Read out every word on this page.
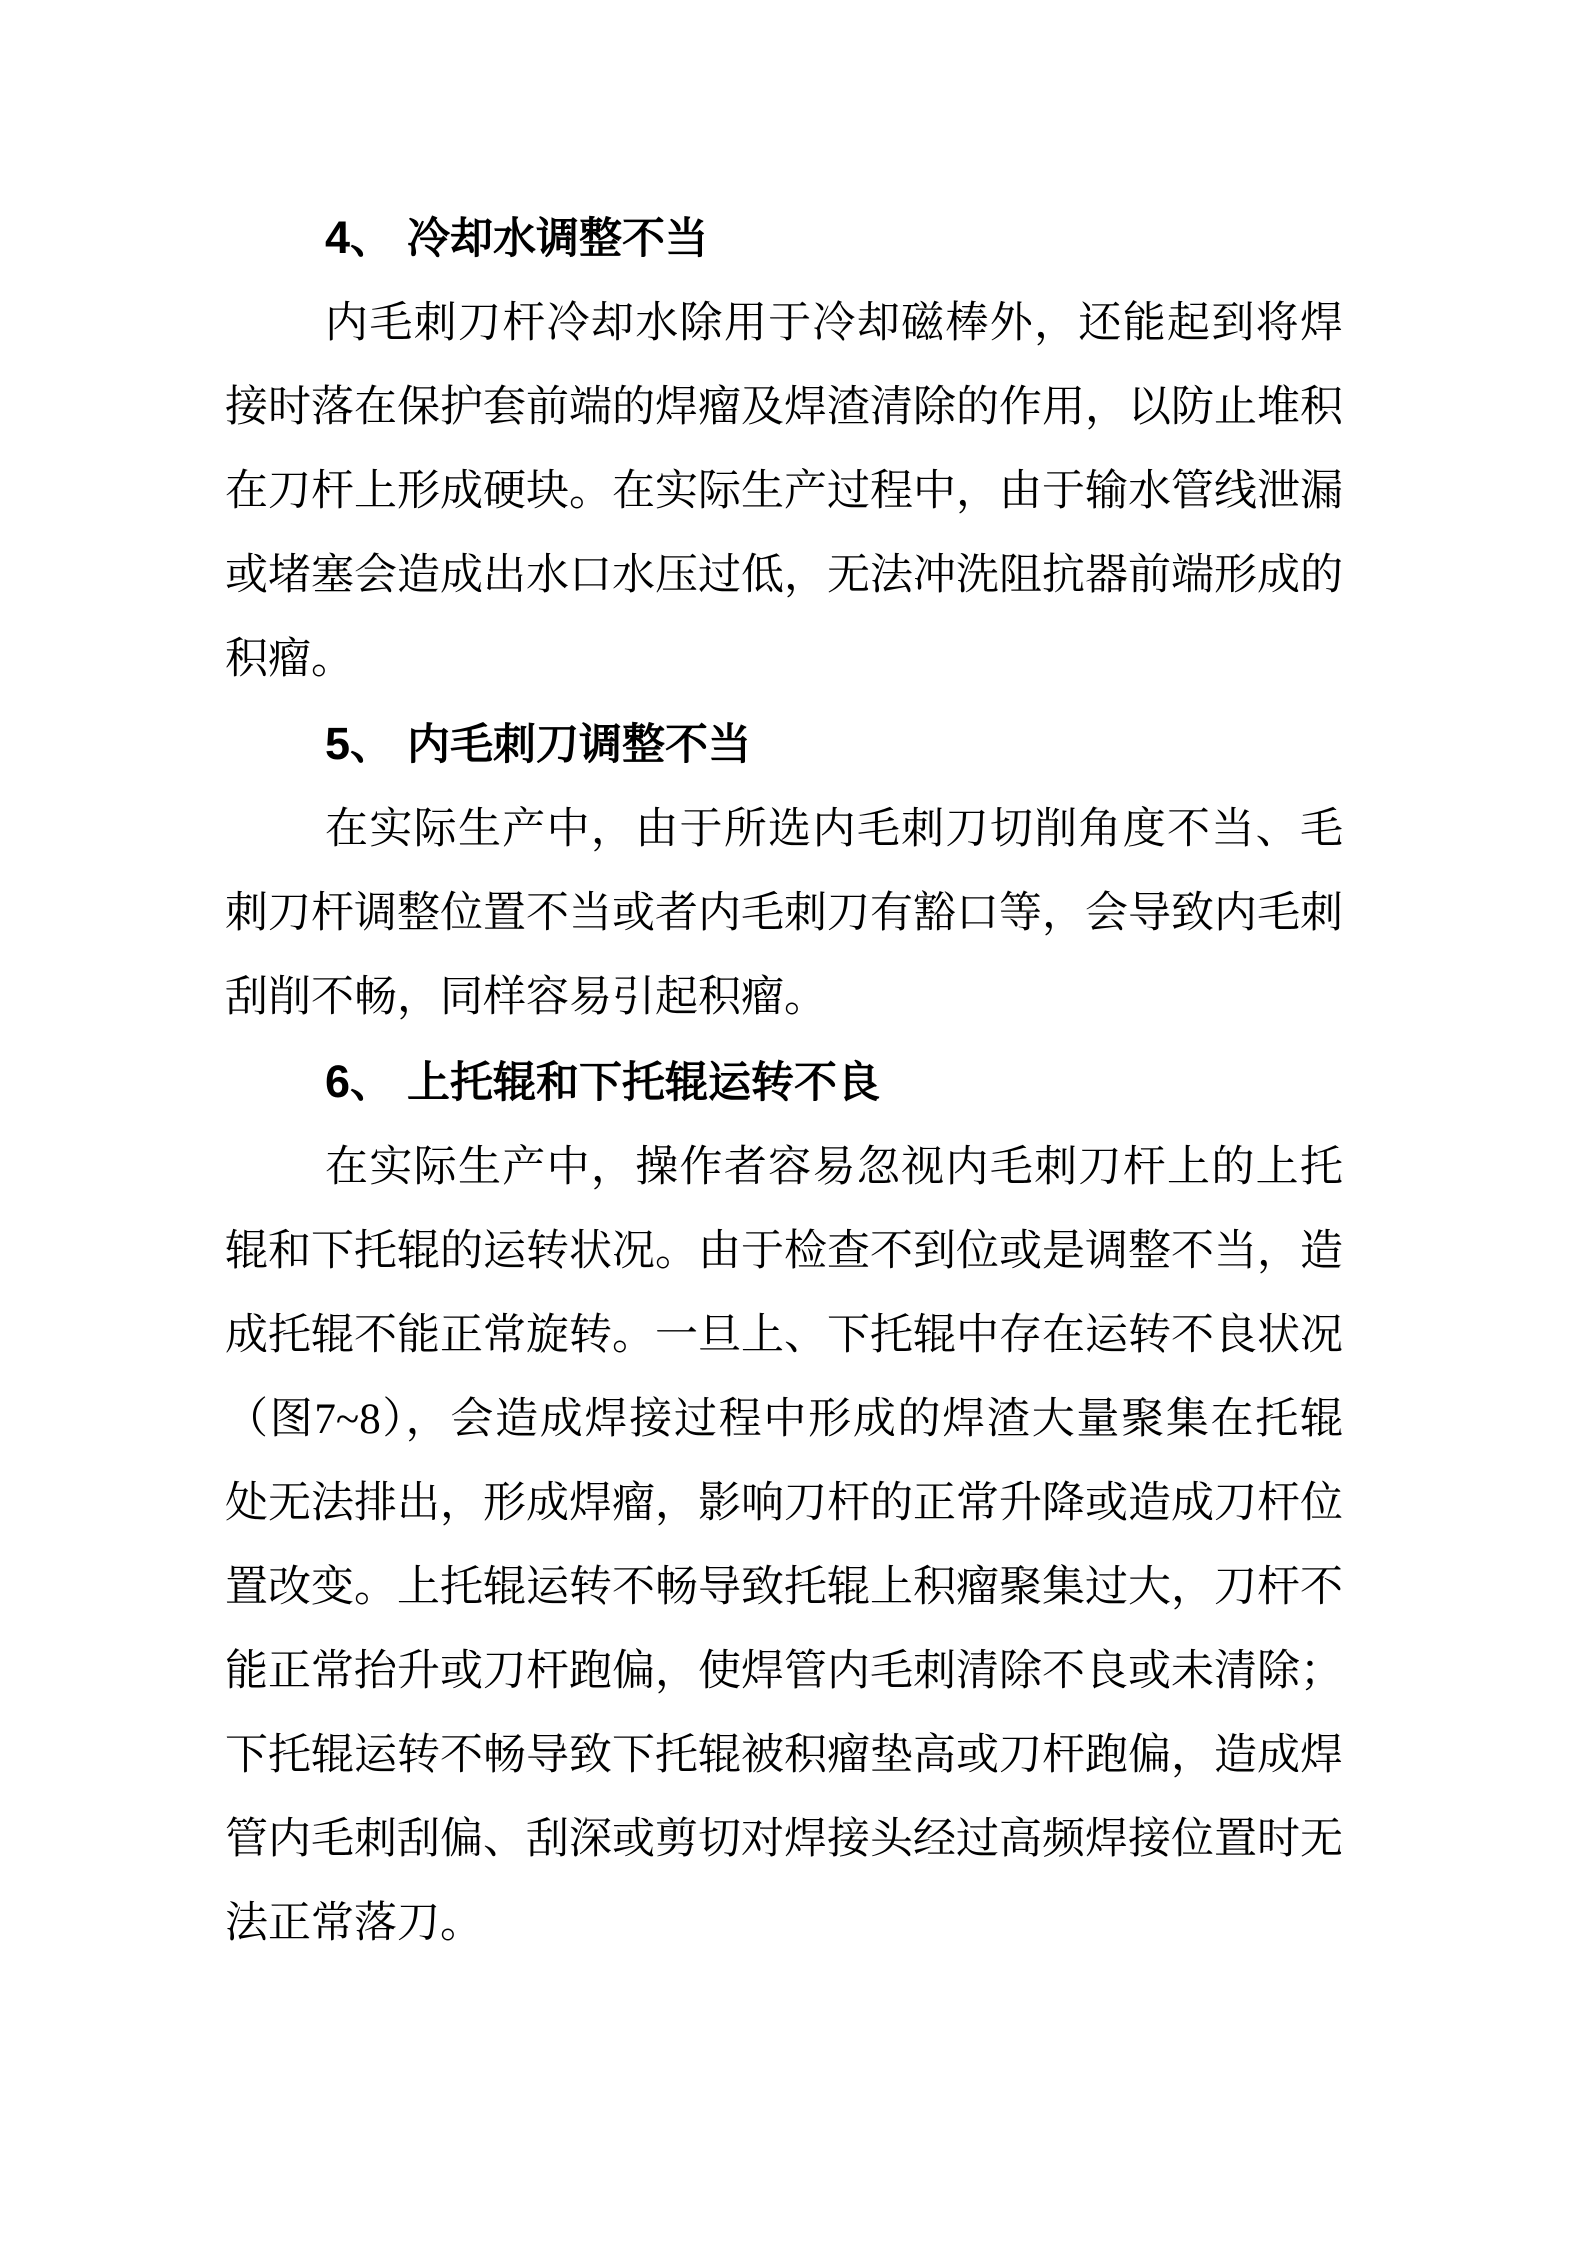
4、 冷却水调整不当

内毛刺刀杆冷却水除用于冷却磁棒外，还能起到将焊接时落在保护套前端的焊瘤及焊渣清除的作用，以防止堆积在刀杆上形成硬块。在实际生产过程中，由于输水管线泄漏或堵塞会造成出水口水压过低，无法冲洗阻抗器前端形成的积瘤。

5、 内毛刺刀调整不当

在实际生产中，由于所选内毛刺刀切削角度不当、毛刺刀杆调整位置不当或者内毛刺刀有豁口等，会导致内毛刺刮削不畅，同样容易引起积瘤。

6、 上托辊和下托辊运转不良

在实际生产中，操作者容易忽视内毛刺刀杆上的上托辊和下托辊的运转状况。由于检查不到位或是调整不当，造成托辊不能正常旋转。一旦上、下托辊中存在运转不良状况（图7~8），会造成焊接过程中形成的焊渣大量聚集在托辊处无法排出，形成焊瘤，影响刀杆的正常升降或造成刀杆位置改变。上托辊运转不畅导致托辊上积瘤聚集过大，刀杆不能正常抬升或刀杆跑偏，使焊管内毛刺清除不良或未清除；下托辊运转不畅导致下托辊被积瘤垫高或刀杆跑偏，造成焊管内毛刺刮偏、刮深或剪切对焊接头经过高频焊接位置时无法正常落刀。
